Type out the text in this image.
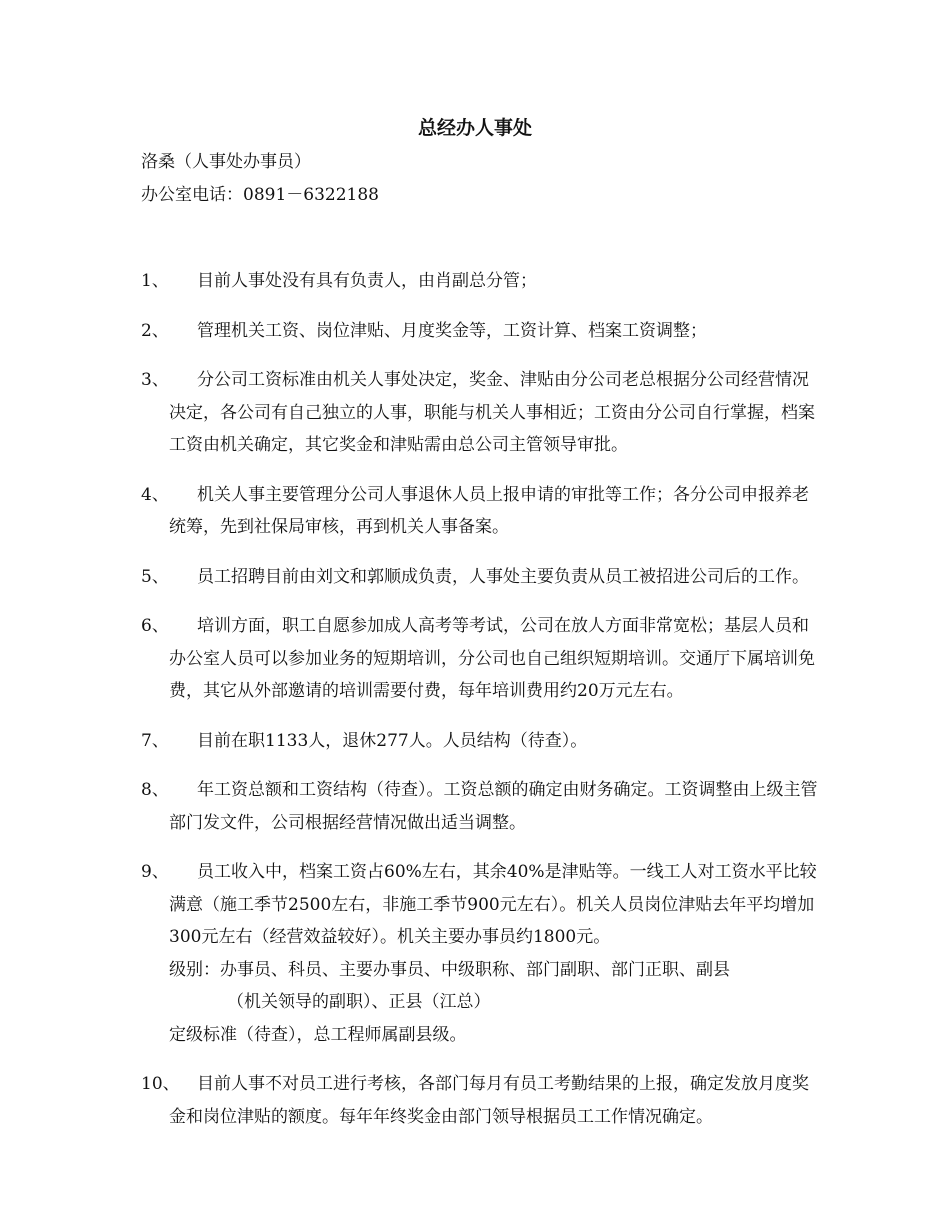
总经办人事处
洛桑（人事处办事员）
办公室电话：0891－6322188
1、	目前人事处没有具有负责人，由肖副总分管；

2、	管理机关工资、岗位津贴、月度奖金等，工资计算、档案工资调整；

3、	分公司工资标准由机关人事处决定，奖金、津贴由分公司老总根据分公司经营情况决定，各公司有自己独立的人事，职能与机关人事相近；工资由分公司自行掌握，档案工资由机关确定，其它奖金和津贴需由总公司主管领导审批。

4、	机关人事主要管理分公司人事退休人员上报申请的审批等工作；各分公司申报养老统筹，先到社保局审核，再到机关人事备案。

5、	员工招聘目前由刘文和郭顺成负责，人事处主要负责从员工被招进公司后的工作。

6、	培训方面，职工自愿参加成人高考等考试，公司在放人方面非常宽松；基层人员和办公室人员可以参加业务的短期培训，分公司也自己组织短期培训。交通厅下属培训免费，其它从外部邀请的培训需要付费，每年培训费用约20万元左右。

7、	目前在职1133人，退休277人。人员结构（待查）。

8、	年工资总额和工资结构（待查）。工资总额的确定由财务确定。工资调整由上级主管部门发文件，公司根据经营情况做出适当调整。

9、	员工收入中，档案工资占60%左右，其余40%是津贴等。一线工人对工资水平比较满意（施工季节2500左右，非施工季节900元左右）。机关人员岗位津贴去年平均增加300元左右（经营效益较好）。机关主要办事员约1800元。

级别：办事员、科员、主要办事员、中级职称、部门副职、部门正职、副县

（机关领导的副职）、正县（江总）

定级标准（待查），总工程师属副县级。

10、	目前人事不对员工进行考核，各部门每月有员工考勤结果的上报，确定发放月度奖金和岗位津贴的额度。每年年终奖金由部门领导根据员工工作情况确定。
